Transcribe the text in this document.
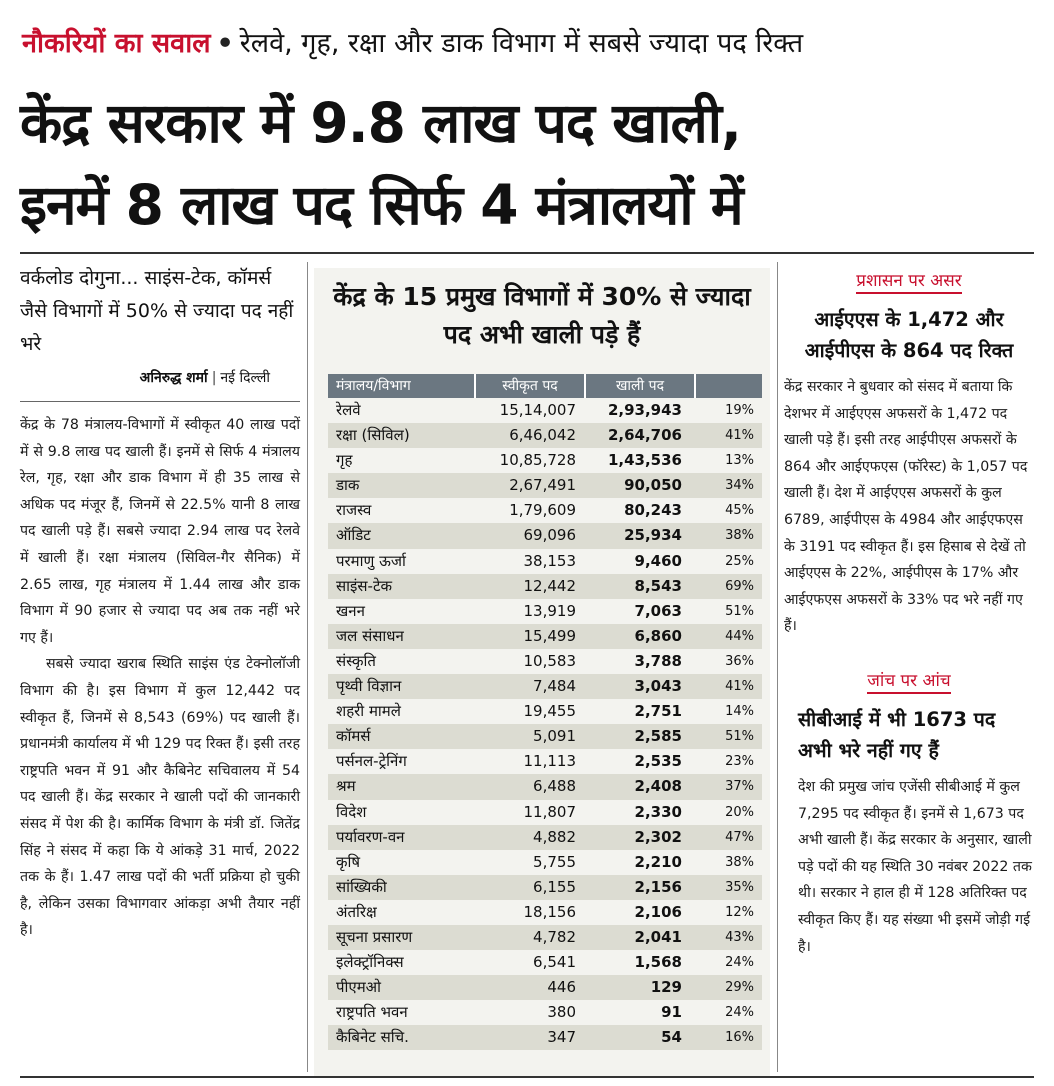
नौकरियों का सवाल • रेलवे, गृह, रक्षा और डाक विभाग में सबसे ज्यादा पद रिक्त
केंद्र सरकार में 9.8 लाख पद खाली,
इनमें 8 लाख पद सिर्फ 4 मंत्रालयों में
वर्कलोड दोगुना... साइंस-टेक, कॉमर्स जैसे विभागों में 50% से ज्यादा पद नहीं भरे
अनिरुद्ध शर्मा | नई दिल्ली

केंद्र के 78 मंत्रालय-विभागों में स्वीकृत 40 लाख पदों में से 9.8 लाख पद खाली हैं। इनमें से सिर्फ 4 मंत्रालय रेल, गृह, रक्षा और डाक विभाग में ही 35 लाख से अधिक पद मंजूर हैं, जिनमें से 22.5% यानी 8 लाख पद खाली पड़े हैं। सबसे ज्यादा 2.94 लाख पद रेलवे में खाली हैं। रक्षा मंत्रालय (सिविल-गैर सैनिक) में 2.65 लाख, गृह मंत्रालय में 1.44 लाख और डाक विभाग में 90 हजार से ज्यादा पद अब तक नहीं भरे गए हैं।

सबसे ज्यादा खराब स्थिति साइंस एंड टेक्नोलॉजी विभाग की है। इस विभाग में कुल 12,442 पद स्वीकृत हैं, जिनमें से 8,543 (69%) पद खाली हैं। प्रधानमंत्री कार्यालय में भी 129 पद रिक्त हैं। इसी तरह राष्ट्रपति भवन में 91 और कैबिनेट सचिवालय में 54 पद खाली हैं। केंद्र सरकार ने खाली पदों की जानकारी संसद में पेश की है। कार्मिक विभाग के मंत्री डॉ. जितेंद्र सिंह ने संसद में कहा कि ये आंकड़े 31 मार्च, 2022 तक के हैं। 1.47 लाख पदों की भर्ती प्रक्रिया हो चुकी है, लेकिन उसका विभागवार आंकड़ा अभी तैयार नहीं है।

केंद्र के 15 प्रमुख विभागों में 30% से ज्यादा पद अभी खाली पड़े हैं
मंत्रालय/विभाग	स्वीकृत पद	खाली पद
रेलवे	15,14,007	2,93,943	19%
रक्षा (सिविल)	6,46,042	2,64,706	41%
गृह	10,85,728	1,43,536	13%
डाक	2,67,491	90,050	34%
राजस्व	1,79,609	80,243	45%
ऑडिट	69,096	25,934	38%
परमाणु ऊर्जा	38,153	9,460	25%
साइंस-टेक	12,442	8,543	69%
खनन	13,919	7,063	51%
जल संसाधन	15,499	6,860	44%
संस्कृति	10,583	3,788	36%
पृथ्वी विज्ञान	7,484	3,043	41%
शहरी मामले	19,455	2,751	14%
कॉमर्स	5,091	2,585	51%
पर्सनल-ट्रेनिंग	11,113	2,535	23%
श्रम	6,488	2,408	37%
विदेश	11,807	2,330	20%
पर्यावरण-वन	4,882	2,302	47%
कृषि	5,755	2,210	38%
सांख्यिकी	6,155	2,156	35%
अंतरिक्ष	18,156	2,106	12%
सूचना प्रसारण	4,782	2,041	43%
इलेक्ट्रॉनिक्स	6,541	1,568	24%
पीएमओ	446	129	29%
राष्ट्रपति भवन	380	91	24%
कैबिनेट सचि.	347	54	16%
प्रशासन पर असर
आईएएस के 1,472 और आईपीएस के 864 पद रिक्त
केंद्र सरकार ने बुधवार को संसद में बताया कि देशभर में आईएएस अफसरों के 1,472 पद खाली पड़े हैं। इसी तरह आईपीएस अफसरों के 864 और आईएफएस (फॉरेस्ट) के 1,057 पद खाली हैं। देश में आईएएस अफसरों के कुल 6789, आईपीएस के 4984 और आईएफएस के 3191 पद स्वीकृत हैं। इस हिसाब से देखें तो आईएएस के 22%, आईपीएस के 17% और आईएफएस अफसरों के 33% पद भरे नहीं गए हैं।
जांच पर आंच
सीबीआई में भी 1673 पद अभी भरे नहीं गए हैं
देश की प्रमुख जांच एजेंसी सीबीआई में कुल 7,295 पद स्वीकृत हैं। इनमें से 1,673 पद अभी खाली हैं। केंद्र सरकार के अनुसार, खाली पड़े पदों की यह स्थिति 30 नवंबर 2022 तक थी। सरकार ने हाल ही में 128 अतिरिक्त पद स्वीकृत किए हैं। यह संख्या भी इसमें जोड़ी गई है।
